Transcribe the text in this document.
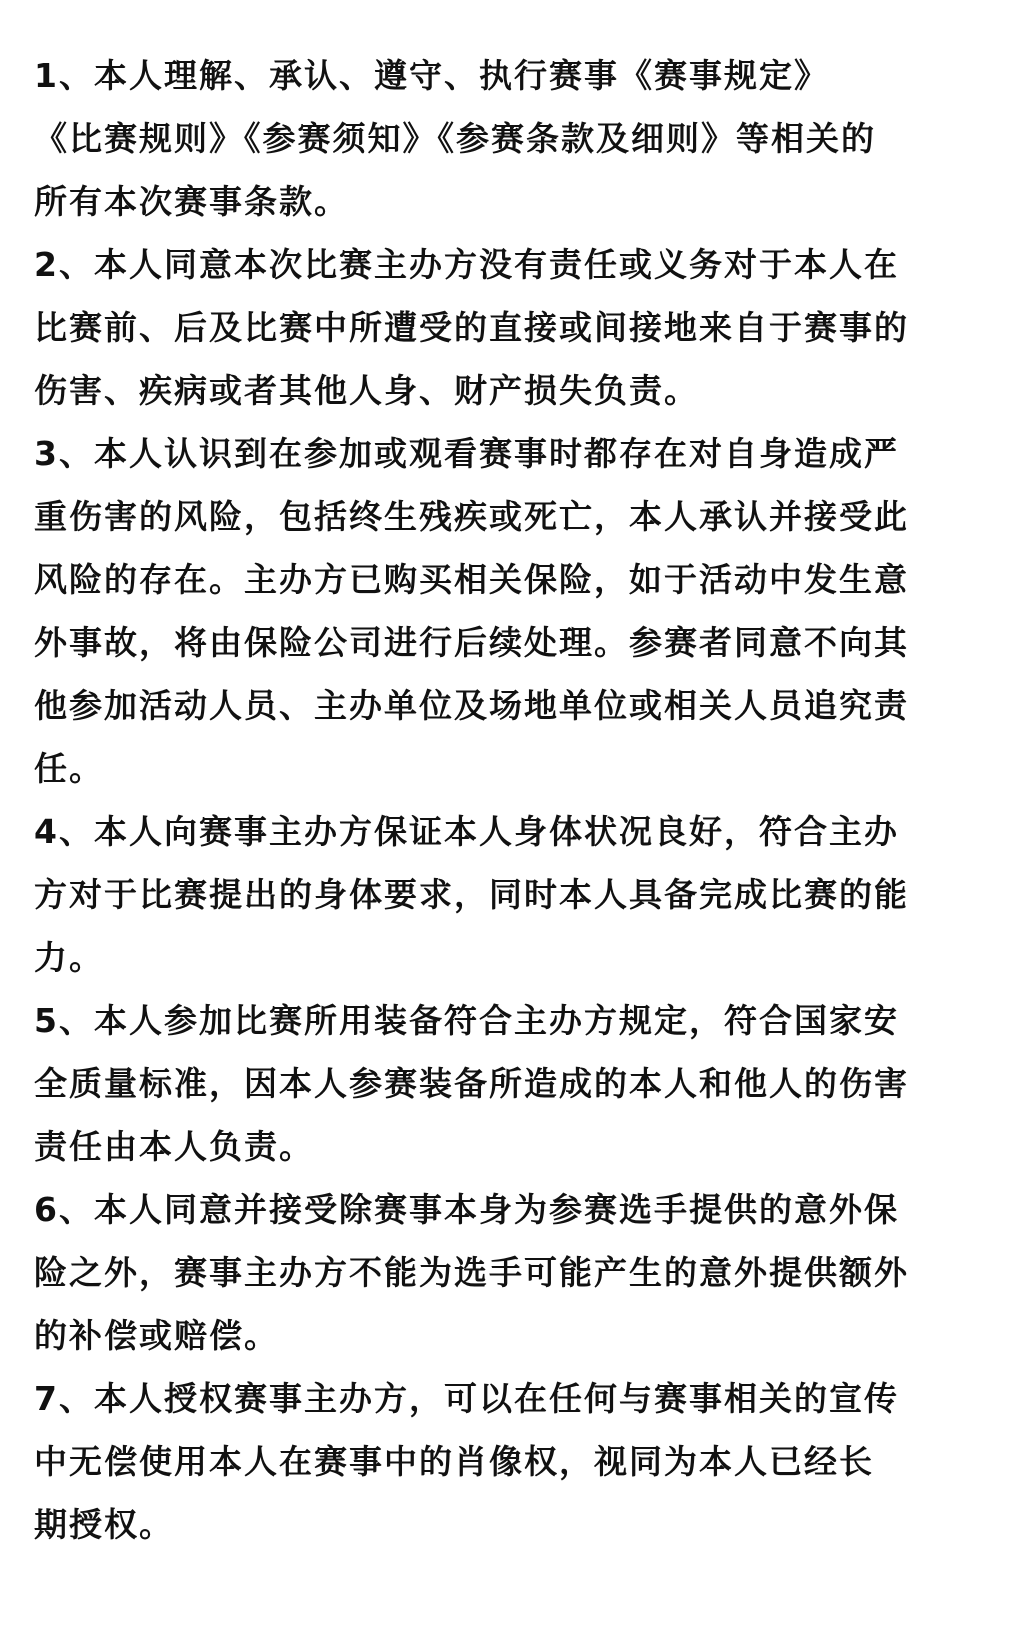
1、本人理解、承认、遵守、执行赛事《赛事规定》
《比赛规则》《参赛须知》《参赛条款及细则》等相关的
所有本次赛事条款。
2、本人同意本次比赛主办方没有责任或义务对于本人在
比赛前、后及比赛中所遭受的直接或间接地来自于赛事的
伤害、疾病或者其他人身、财产损失负责。
3、本人认识到在参加或观看赛事时都存在对自身造成严
重伤害的风险，包括终生残疾或死亡，本人承认并接受此
风险的存在。主办方已购买相关保险，如于活动中发生意
外事故，将由保险公司进行后续处理。参赛者同意不向其
他参加活动人员、主办单位及场地单位或相关人员追究责
任。
4、本人向赛事主办方保证本人身体状况良好，符合主办
方对于比赛提出的身体要求，同时本人具备完成比赛的能
力。
5、本人参加比赛所用装备符合主办方规定，符合国家安
全质量标准，因本人参赛装备所造成的本人和他人的伤害
责任由本人负责。
6、本人同意并接受除赛事本身为参赛选手提供的意外保
险之外，赛事主办方不能为选手可能产生的意外提供额外
的补偿或赔偿。
7、本人授权赛事主办方，可以在任何与赛事相关的宣传
中无偿使用本人在赛事中的肖像权，视同为本人已经长
期授权。
